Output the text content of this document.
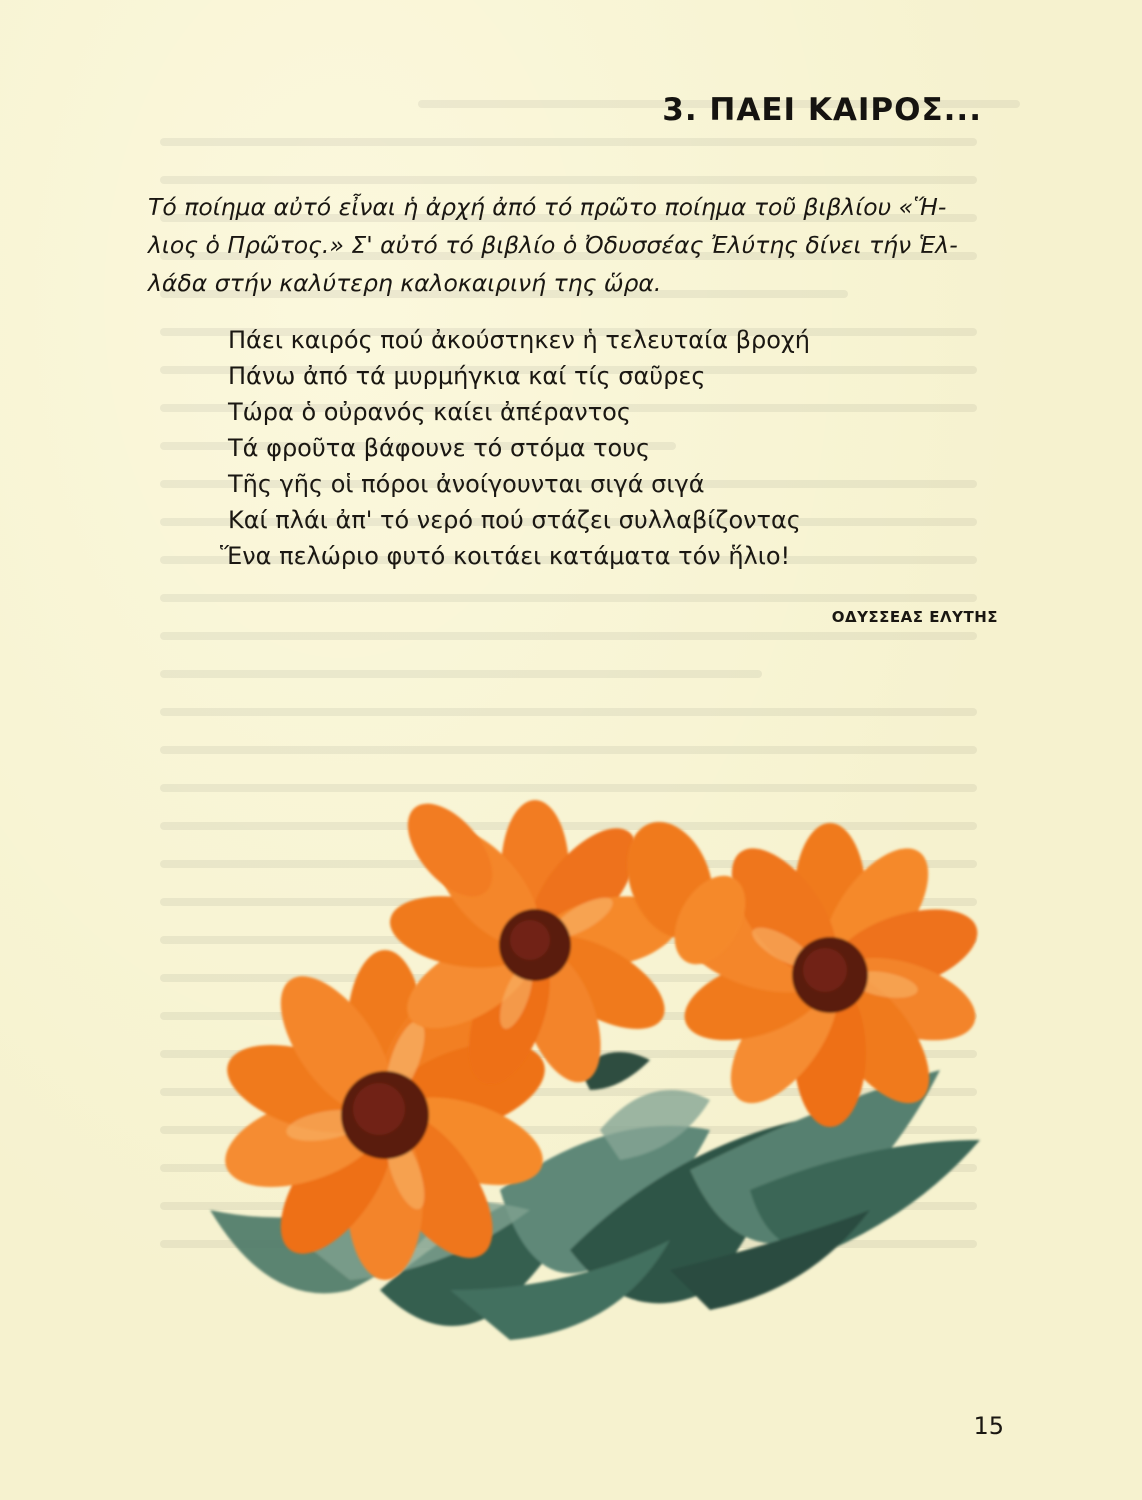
3. ΠΑΕΙ ΚΑΙΡΟΣ...
Τό ποίημα αὐτό εἶναι ἡ ἀρχή ἀπό τό πρῶτο ποίημα τοῦ βιβλίου «Ἥ-
λιος ὁ Πρῶτος.» Σ' αὐτό τό βιβλίο ὁ Ὀδυσσέας Ἐλύτης δίνει τήν Ἑλ-
λάδα στήν καλύτερη καλοκαιρινή της ὥρα.
Πάει καιρός πού ἀκούστηκεν ἡ τελευταία βροχή
Πάνω ἀπό τά μυρμήγκια καί τίς σαῦρες
Τώρα ὁ οὐρανός καίει ἀπέραντος
Τά φροῦτα βάφουνε τό στόμα τους
Τῆς γῆς οἱ πόροι ἀνοίγουνται σιγά σιγά
Καί πλάι ἀπ' τό νερό πού στάζει συλλαβίζοντας
Ἕνα πελώριο φυτό κοιτάει κατάματα τόν ἥλιο!
ΟΔΥΣΣΕΑΣ ΕΛΥΤΗΣ
15
